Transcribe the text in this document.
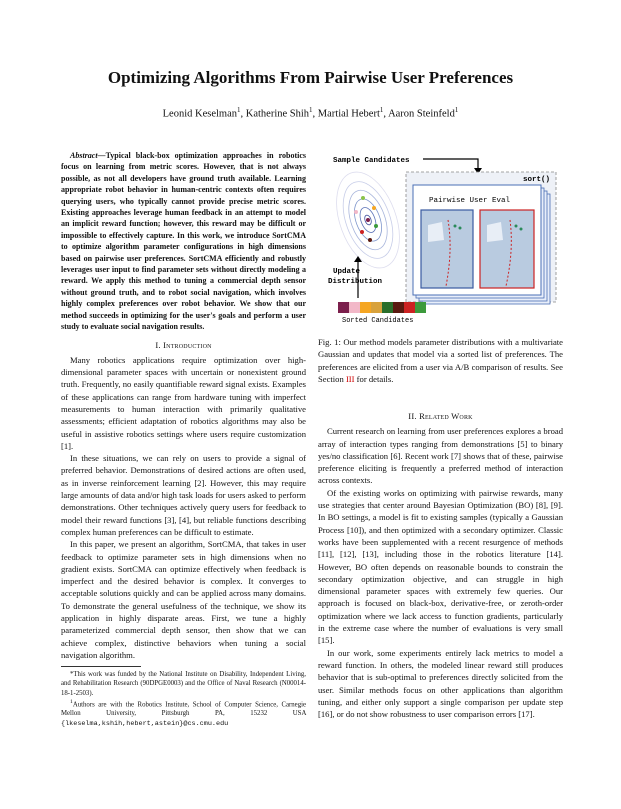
Optimizing Algorithms From Pairwise User Preferences
Leonid Keselman$^1$, Katherine Shih$^1$, Martial Hebert$^1$, Aaron Steinfeld$^1$

Abstract—Typical black-box optimization approaches in robotics focus on learning from metric scores. However, that is not always possible, as not all developers have ground truth available. Learning appropriate robot behavior in human-centric contexts often requires querying users, who typically cannot provide precise metric scores. Existing approaches leverage human feedback in an attempt to model an implicit reward function; however, this reward may be difficult or impossible to effectively capture. In this work, we introduce SortCMA to optimize algorithm parameter configurations in high dimensions based on pairwise user preferences. SortCMA efficiently and robustly leverages user input to find parameter sets without directly modeling a reward. We apply this method to tuning a commercial depth sensor without ground truth, and to robot social navigation, which involves highly complex preferences over robot behavior. We show that our method succeeds in optimizing for the user's goals and perform a user study to evaluate social navigation results.

I. Introduction

Many robotics applications require optimization over high-dimensional parameter spaces with uncertain or nonexistent ground truth. Frequently, no easily quantifiable reward signal exists. Examples of these applications can range from hardware tuning with imperfect measurements to human interaction with primarily qualitative assessments; efficient adaptation of robotics algorithms may also be useful in assistive robotics settings where users require customization [1].

In these situations, we can rely on users to provide a signal of preferred behavior. Demonstrations of desired actions are often used, as in inverse reinforcement learning [2]. However, this may require large amounts of data and/or high task loads for users asked to perform demonstrations. Other techniques actively query users for feedback to model their reward functions [3], [4], but reliable functions describing complex human preferences can be difficult to estimate.

In this paper, we present an algorithm, SortCMA, that takes in user feedback to optimize parameter sets in high dimensions when no gradient exists. SortCMA can optimize effectively when feedback is imperfect and the desired behavior is complex. It converges to acceptable solutions quickly and can be applied across many domains. To demonstrate the general usefulness of the technique, we show its application in highly disparate areas. First, we tune a highly parameterized commercial depth sensor, then show that we can achieve complex, distinctive behaviors when tuning a social navigation algorithm.

*This work was funded by the National Institute on Disability, Independent Living, and Rehabilitation Research (90DPGE0003) and the Office of Naval Research (N00014-18-1-2503).

$^1$Authors are with the Robotics Institute, School of Computer Science, Carnegie Mellon University, Pittsburgh PA, 15232 USA {lkeselma,kshih,hebert,astein}@cs.cmu.edu

Sample Candidates
sort()
Pairwise User Eval
Update
Distribution
Sorted Candidates
Fig. 1: Our method models parameter distributions with a multivariate Gaussian and updates that model via a sorted list of preferences. The preferences are elicited from a user via A/B comparison of results. See Section III for details.
II. Related Work

Current research on learning from user preferences explores a broad array of interaction types ranging from demonstrations [5] to binary yes/no classification [6]. Recent work [7] shows that of these, pairwise preference eliciting is frequently a preferred method of interaction across contexts.

Of the existing works on optimizing with pairwise rewards, many use strategies that center around Bayesian Optimization (BO) [8], [9]. In BO settings, a model is fit to existing samples (typically a Gaussian Process [10]), and then optimized with a secondary optimizer. Classic works have been supplemented with a recent resurgence of methods [11], [12], [13], including those in the robotics literature [14]. However, BO often depends on reasonable bounds to constrain the secondary optimization objective, and can struggle in high dimensional parameter spaces with extremely few queries. Our approach is focused on black-box, derivative-free, or zeroth-order optimization where we lack access to function gradients, particularly in the extreme case where the number of evaluations is very small [15].

In our work, some experiments entirely lack metrics to model a reward function. In others, the modeled linear reward still produces behavior that is sub-optimal to preferences directly solicited from the user. Similar methods focus on other applications than algorithm tuning, and either only support a single comparison per update step [16], or do not show robustness to user comparison errors [17].
